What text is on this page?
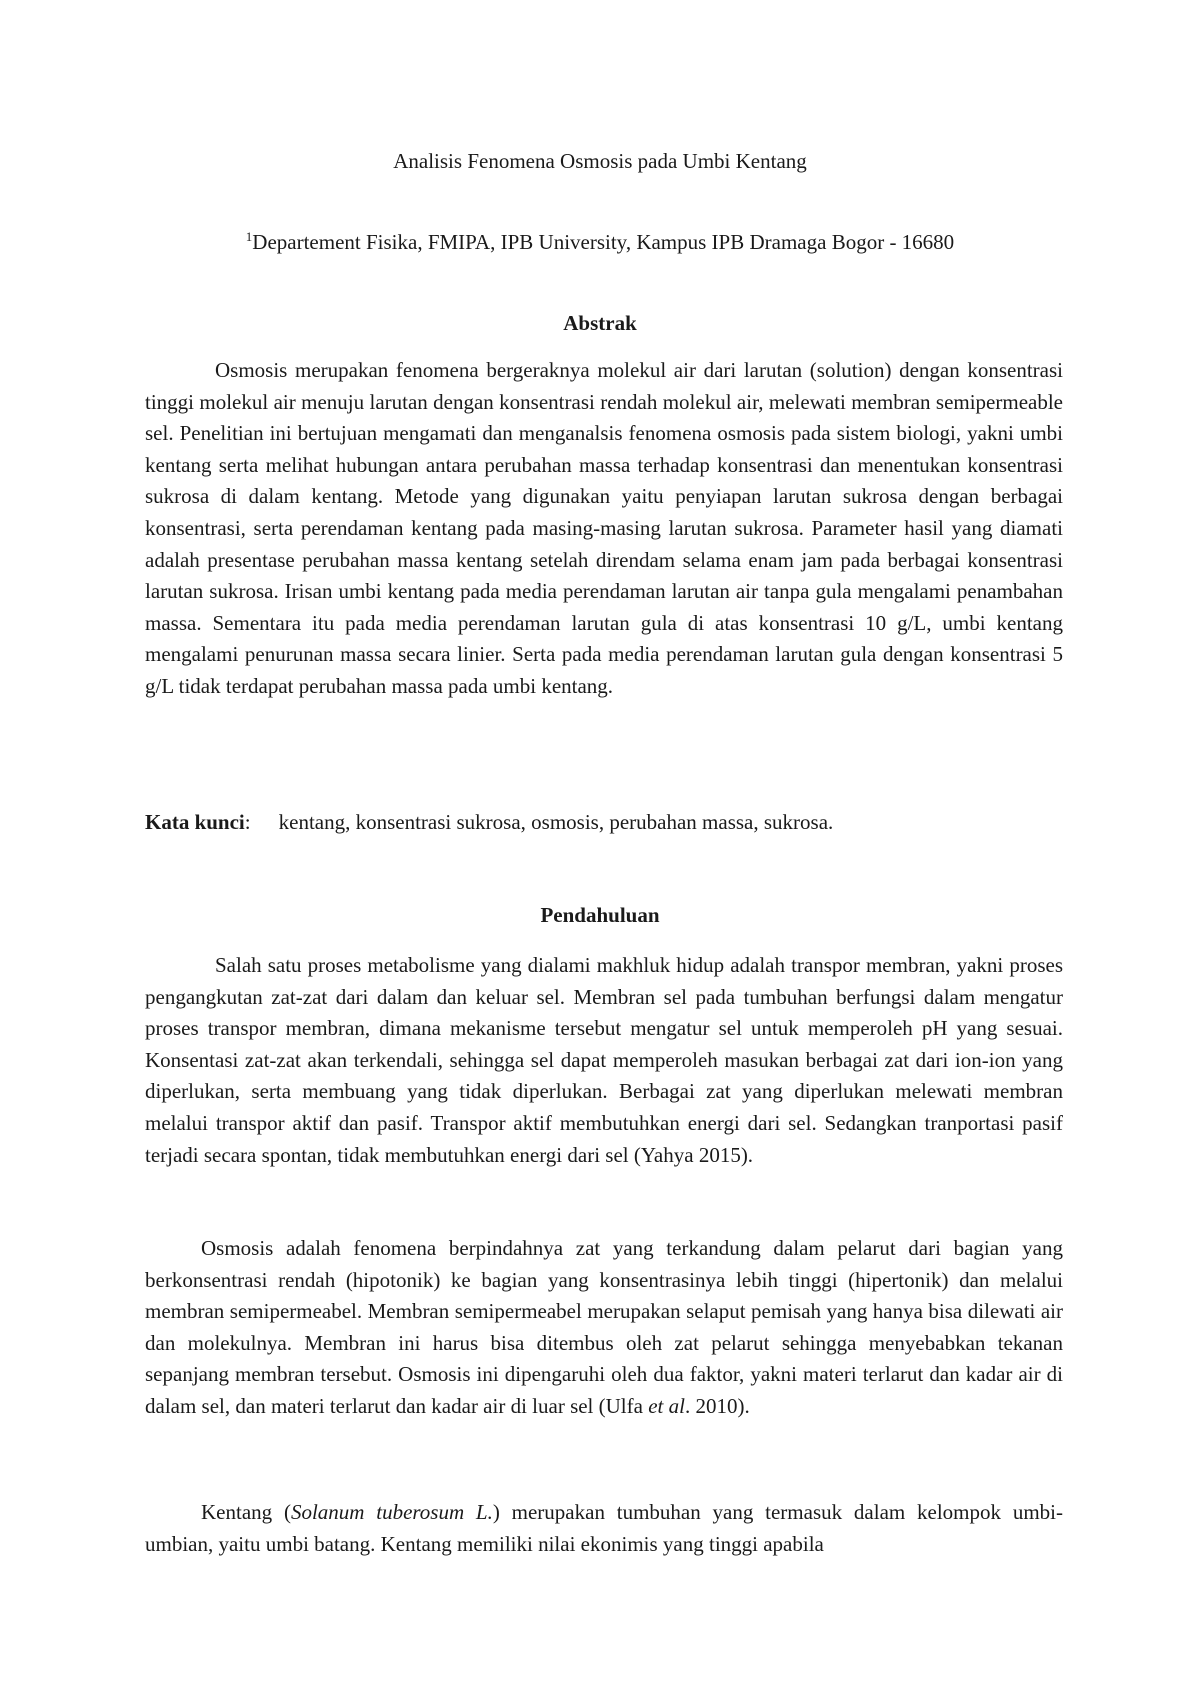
Analisis Fenomena Osmosis pada Umbi Kentang
$^1$Departement Fisika, FMIPA, IPB University, Kampus IPB Dramaga Bogor - 16680
Abstrak

Osmosis merupakan fenomena bergeraknya molekul air dari larutan (solution) dengan konsentrasi tinggi molekul air menuju larutan dengan konsentrasi rendah molekul air, melewati membran semipermeable sel. Penelitian ini bertujuan mengamati dan menganalsis fenomena osmosis pada sistem biologi, yakni umbi kentang serta melihat hubungan antara perubahan massa terhadap konsentrasi dan menentukan konsentrasi sukrosa di dalam kentang. Metode yang digunakan yaitu penyiapan larutan sukrosa dengan berbagai konsentrasi, serta perendaman kentang pada masing-masing larutan sukrosa. Parameter hasil yang diamati adalah presentase perubahan massa kentang setelah direndam selama enam jam pada berbagai konsentrasi larutan sukrosa. Irisan umbi kentang pada media perendaman larutan air tanpa gula mengalami penambahan massa. Sementara itu pada media perendaman larutan gula di atas konsentrasi 10 g/L, umbi kentang mengalami penurunan massa secara linier. Serta pada media perendaman larutan gula dengan konsentrasi 5 g/L tidak terdapat perubahan massa pada umbi kentang.

Kata kunci: kentang, konsentrasi sukrosa, osmosis, perubahan massa, sukrosa.
Pendahuluan

Salah satu proses metabolisme yang dialami makhluk hidup adalah transpor membran, yakni proses pengangkutan zat-zat dari dalam dan keluar sel. Membran sel pada tumbuhan berfungsi dalam mengatur proses transpor membran, dimana mekanisme tersebut mengatur sel untuk memperoleh pH yang sesuai. Konsentasi zat-zat akan terkendali, sehingga sel dapat memperoleh masukan berbagai zat dari ion-ion yang diperlukan, serta membuang yang tidak diperlukan. Berbagai zat yang diperlukan melewati membran melalui transpor aktif dan pasif. Transpor aktif membutuhkan energi dari sel. Sedangkan tranportasi pasif terjadi secara spontan, tidak membutuhkan energi dari sel (Yahya 2015).

Osmosis adalah fenomena berpindahnya zat yang terkandung dalam pelarut dari bagian yang berkonsentrasi rendah (hipotonik) ke bagian yang konsentrasinya lebih tinggi (hipertonik) dan melalui membran semipermeabel. Membran semipermeabel merupakan selaput pemisah yang hanya bisa dilewati air dan molekulnya. Membran ini harus bisa ditembus oleh zat pelarut sehingga menyebabkan tekanan sepanjang membran tersebut. Osmosis ini dipengaruhi oleh dua faktor, yakni materi terlarut dan kadar air di dalam sel, dan materi terlarut dan kadar air di luar sel (Ulfa et al. 2010).

Kentang (Solanum tuberosum L.) merupakan tumbuhan yang termasuk dalam kelompok umbi-umbian, yaitu umbi batang. Kentang memiliki nilai ekonimis yang tinggi apabila
